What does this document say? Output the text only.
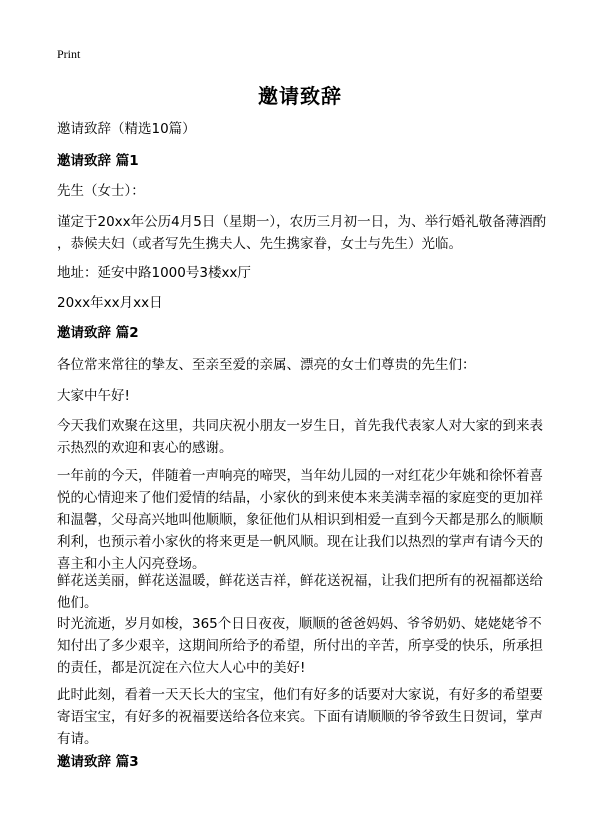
Print
邀请致辞
邀请致辞（精选10篇）
邀请致辞 篇1
先生（女士）：
谨定于20xx年公历4月5日（星期一），农历三月初一日，为、举行婚礼敬备薄酒酌
，恭候夫妇（或者写先生携夫人、先生携家眷，女士与先生）光临。
地址：延安中路1000号3楼xx厅
20xx年xx月xx日
邀请致辞 篇2
各位常来常往的挚友、至亲至爱的亲属、漂亮的女士们尊贵的先生们：
大家中午好!
今天我们欢聚在这里，共同庆祝小朋友一岁生日，首先我代表家人对大家的到来表
示热烈的欢迎和衷心的感谢。
一年前的今天，伴随着一声响亮的啼哭，当年幼儿园的一对红花少年姚和徐怀着喜
悦的心情迎来了他们爱情的结晶，小家伙的到来使本来美满幸福的家庭变的更加祥
和温馨，父母高兴地叫他顺顺，象征他们从相识到相爱一直到今天都是那么的顺顺
利利，也预示着小家伙的将来更是一帆风顺。现在让我们以热烈的掌声有请今天的
喜主和小主人闪亮登场。
鲜花送美丽，鲜花送温暖，鲜花送吉祥，鲜花送祝福，让我们把所有的祝福都送给
他们。
时光流逝，岁月如梭，365个日日夜夜，顺顺的爸爸妈妈、爷爷奶奶、姥姥姥爷不
知付出了多少艰辛，这期间所给予的希望，所付出的辛苦，所享受的快乐，所承担
的责任，都是沉淀在六位大人心中的美好!
此时此刻，看着一天天长大的宝宝，他们有好多的话要对大家说，有好多的希望要
寄语宝宝，有好多的祝福要送给各位来宾。下面有请顺顺的爷爷致生日贺词，掌声
有请。
邀请致辞 篇3
